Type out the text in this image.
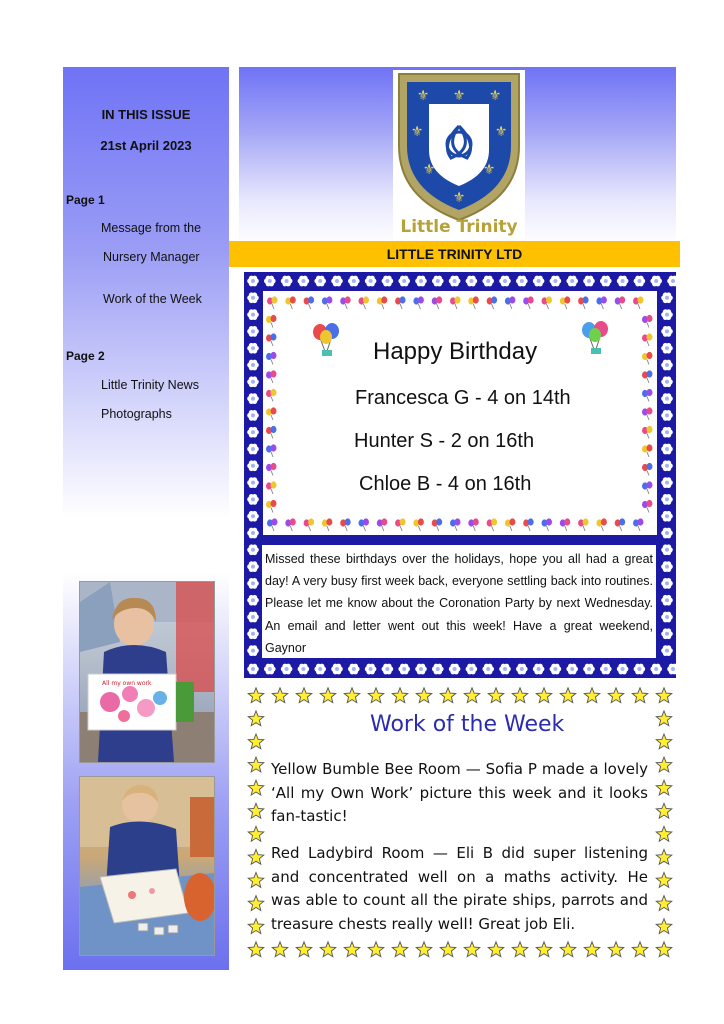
IN THIS ISSUE
21st April 2023
Page 1
Message from the
Nursery Manager
Work of the Week
Page 2
Little Trinity News
Photographs
All my own work
⚜ ⚜ ⚜
⚜	⚜
⚜	⚜
⚜
Little Trinity
LITTLE TRINITY LTD
Happy Birthday
Francesca G - 4 on 14th
Hunter S - 2 on 16th
Chloe B - 4 on 16th
Missed these birthdays over the holidays, hope you all had a great day! A very busy first week back, everyone settling back into routines. Please let me know about the Coronation Party by next Wednesday. An email and letter went out this week! Have a great weekend, Gaynor
Work of the Week
Yellow Bumble Bee Room — Sofia P made a lovely ‘All my Own Work’ picture this week and it looks fan-tastic!
Red Ladybird Room — Eli B did super listening and concentrated well on a maths activity. He was able to count all the pirate ships, parrots and treasure chests really well! Great job Eli.
